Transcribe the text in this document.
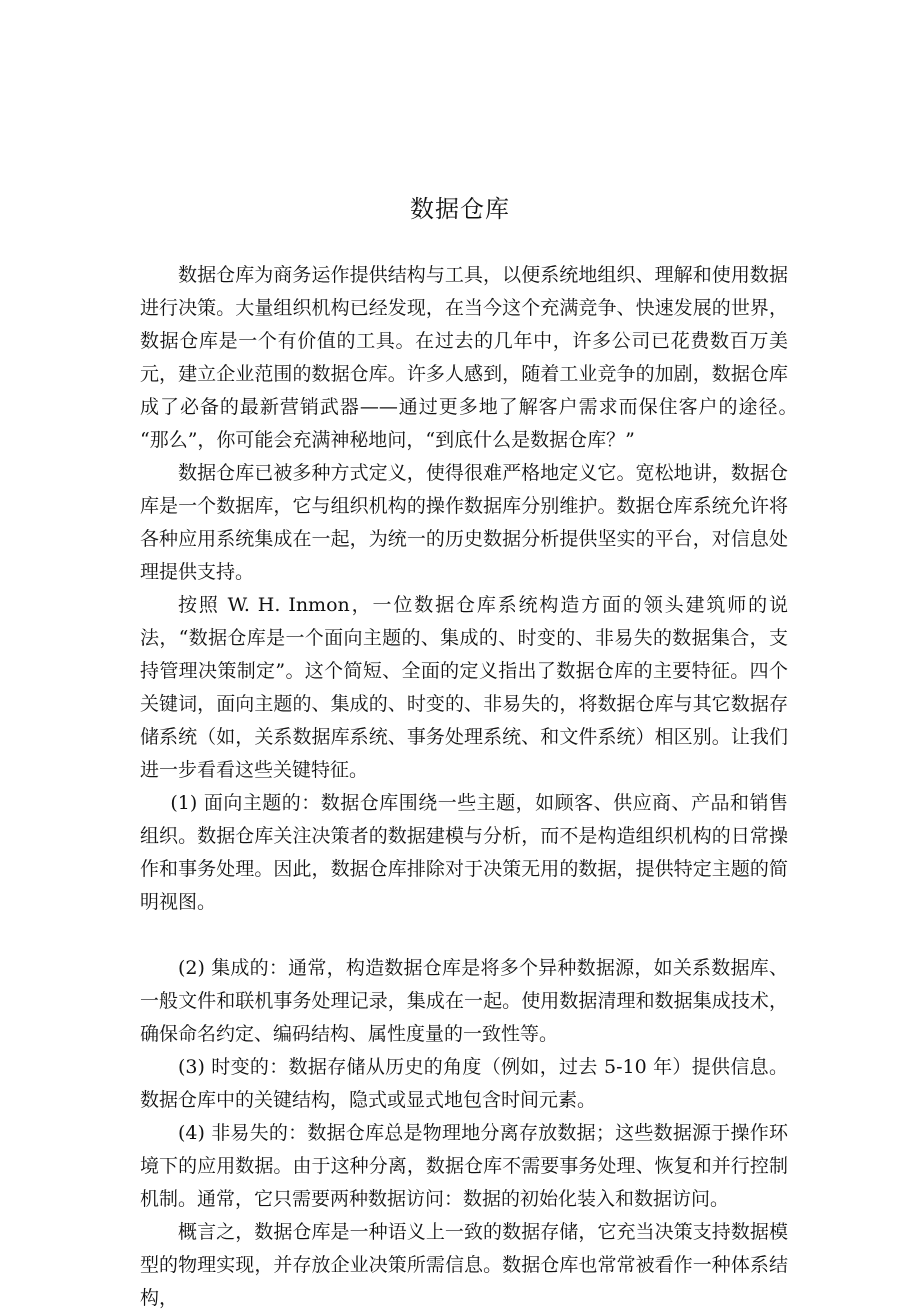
数据仓库

数据仓库为商务运作提供结构与工具，以便系统地组织、理解和使用数据进行决策。大量组织机构已经发现，在当今这个充满竞争、快速发展的世界，数据仓库是一个有价值的工具。在过去的几年中，许多公司已花费数百万美元，建立企业范围的数据仓库。许多人感到，随着工业竞争的加剧，数据仓库成了必备的最新营销武器——通过更多地了解客户需求而保住客户的途径。　 “那么”，你可能会充满神秘地问，“到底什么是数据仓库？”

数据仓库已被多种方式定义，使得很难严格地定义它。宽松地讲，数据仓库是一个数据库，它与组织机构的操作数据库分别维护。数据仓库系统允许将各种应用系统集成在一起，为统一的历史数据分析提供坚实的平台，对信息处理提供支持。

按照 W. H. Inmon，一位数据仓库系统构造方面的领头建筑师的说法，“数据仓库是一个面向主题的、集成的、时变的、非易失的数据集合，支持管理决策制定”。这个简短、全面的定义指出了数据仓库的主要特征。四个关键词，面向主题的、集成的、时变的、非易失的，将数据仓库与其它数据存储系统（如，关系数据库系统、事务处理系统、和文件系统）相区别。让我们进一步看看这些关键特征。

(1) 面向主题的：数据仓库围绕一些主题，如顾客、供应商、产品和销售组织。数据仓库关注决策者的数据建模与分析，而不是构造组织机构的日常操作和事务处理。因此，数据仓库排除对于决策无用的数据，提供特定主题的简明视图。

(2) 集成的：通常，构造数据仓库是将多个异种数据源，如关系数据库、一般文件和联机事务处理记录，集成在一起。使用数据清理和数据集成技术，确保命名约定、编码结构、属性度量的一致性等。

(3) 时变的：数据存储从历史的角度（例如，过去 5-10 年）提供信息。数据仓库中的关键结构，隐式或显式地包含时间元素。

(4) 非易失的：数据仓库总是物理地分离存放数据；这些数据源于操作环境下的应用数据。由于这种分离，数据仓库不需要事务处理、恢复和并行控制机制。通常，它只需要两种数据访问：数据的初始化装入和数据访问。

概言之，数据仓库是一种语义上一致的数据存储，它充当决策支持数据模型的物理实现，并存放企业决策所需信息。数据仓库也常常被看作一种体系结构，
